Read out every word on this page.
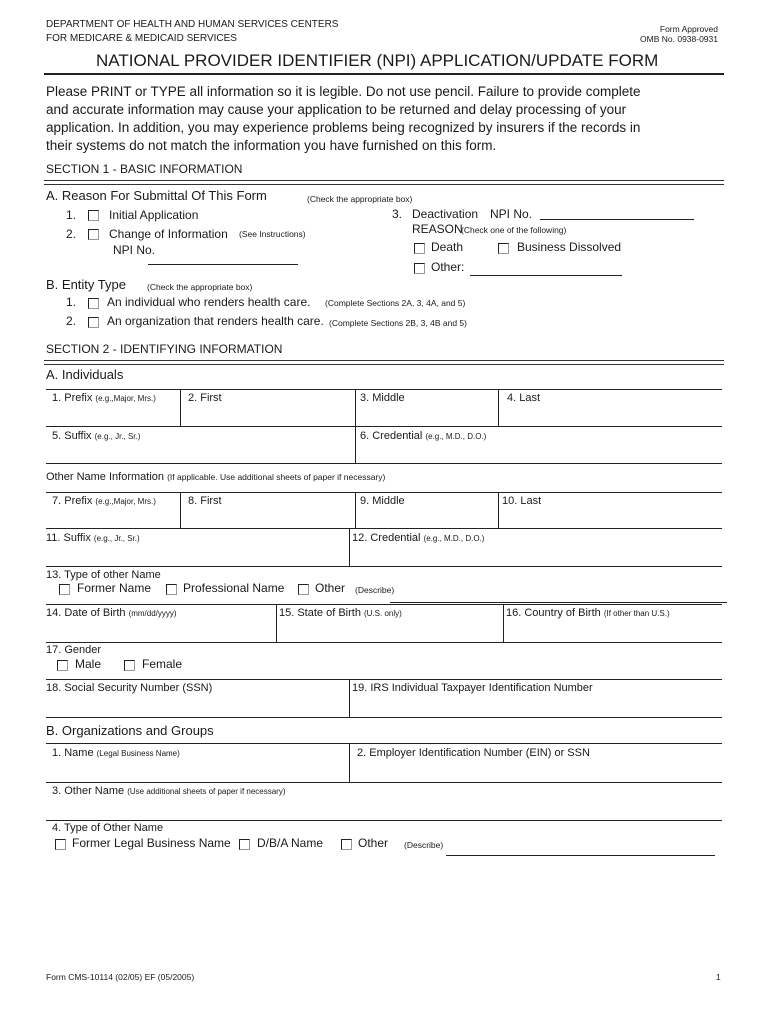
DEPARTMENT OF HEALTH AND HUMAN SERVICES CENTERS
FOR MEDICARE & MEDICAID SERVICES
Form Approved
OMB No. 0938-0931
NATIONAL PROVIDER IDENTIFIER (NPI) APPLICATION/UPDATE FORM
Please PRINT or TYPE all information so it is legible. Do not use pencil. Failure to provide complete
and accurate information may cause your application to be returned and delay processing of your
application. In addition, you may experience problems being recognized by insurers if the records in
their systems do not match the information you have furnished on this form.
SECTION 1 - BASIC INFORMATION
A. Reason For Submittal Of This Form	(Check the appropriate box)
1.	Initial Application
2.	Change of Information (See Instructions)
NPI No.
3. Deactivation NPI No.
REASON
(Check one of the following)
Death	Business Dissolved
Other:
B. Entity Type (Check the appropriate box)
1.	An individual who renders health care. (Complete Sections 2A, 3, 4A, and 5)
2.	An organization that renders health care. (Complete Sections 2B, 3, 4B and 5)
SECTION 2 - IDENTIFYING INFORMATION
A. Individuals
1. Prefix (e.g.,Major, Mrs.)	2. First	3. Middle	4. Last
5. Suffix (e.g., Jr., Sr.)	6. Credential (e.g., M.D., D.O.)
Other Name Information (If applicable. Use additional sheets of paper if necessary)
7. Prefix (e.g.,Major, Mrs.)	8. First	9. Middle	10. Last
11. Suffix (e.g., Jr., Sr.)	12. Credential (e.g., M.D., D.O.)
13. Type of other Name
Former Name	Professional Name	Other (Describe)
14. Date of Birth (mm/dd/yyyy)	15. State of Birth (U.S. only)	16. Country of Birth (If other than U.S.)
17. Gender
Male	Female
18. Social Security Number (SSN)	19. IRS Individual Taxpayer Identification Number
B. Organizations and Groups
1. Name (Legal Business Name)	2. Employer Identification Number (EIN) or SSN
3. Other Name (Use additional sheets of paper if necessary)
4. Type of Other Name
Former Legal Business Name D/B/A Name	Other (Describe)
Form CMS-10114 (02/05) EF (05/2005)	1
